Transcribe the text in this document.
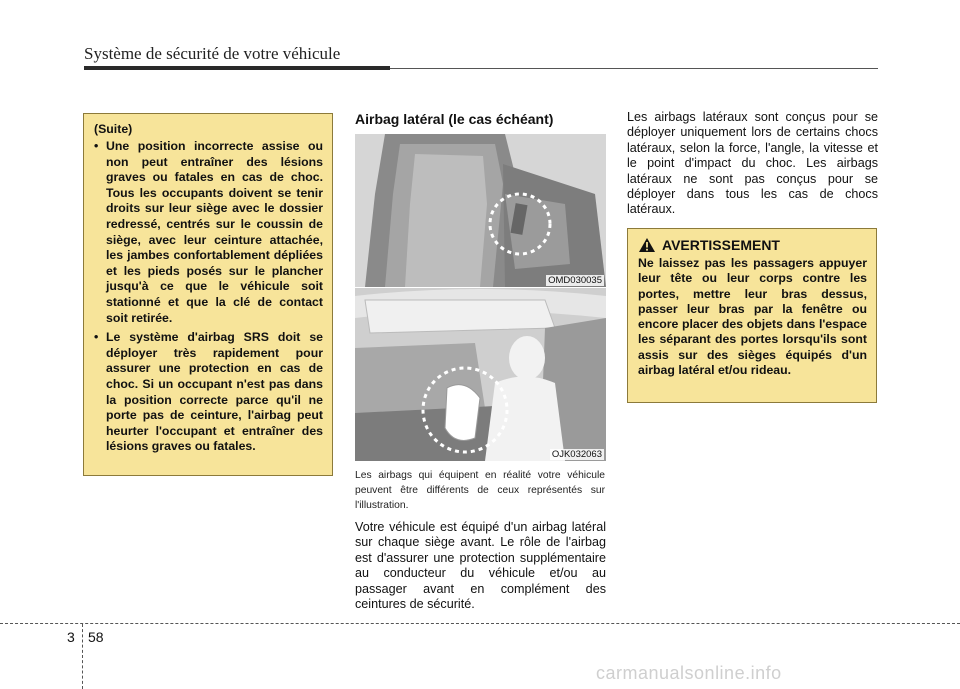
Système de sécurité de votre véhicule
(Suite)
• Une position incorrecte assise ou non peut entraîner des lésions graves ou fatales en cas de choc. Tous les occupants doivent se tenir droits sur leur siège avec le dossier redressé, centrés sur le coussin de siège, avec leur ceinture attachée, les jambes confortablement dépliées et les pieds posés sur le plancher jusqu'à ce que le véhicule soit stationné et que la clé de contact soit retirée.
• Le système d'airbag SRS doit se déployer très rapidement pour assurer une protection en cas de choc. Si un occupant n'est pas dans la position correcte parce qu'il ne porte pas de ceinture, l'airbag peut heurter l'occupant et entraîner des lésions graves ou fatales.
Airbag latéral (le cas échéant)
OMD030035
OJK032063
Les airbags qui équipent en réalité votre véhicule peuvent être différents de ceux représentés sur l'illustration.
Votre véhicule est équipé d'un airbag latéral sur chaque siège avant. Le rôle de l'airbag est d'assurer une protection supplémentaire au conducteur du véhicule et/ou au passager avant en complément des ceintures de sécurité.
Les airbags latéraux sont conçus pour se déployer uniquement lors de certains chocs latéraux, selon la force, l'angle, la vitesse et le point d'impact du choc. Les airbags latéraux ne sont pas conçus pour se déployer dans tous les cas de chocs latéraux.
AVERTISSEMENT
Ne laissez pas les passagers appuyer leur tête ou leur corps contre les portes, mettre leur bras dessus, passer leur bras par la fenêtre ou encore placer des objets dans l'espace les séparant des portes lorsqu'ils sont assis sur des sièges équipés d'un airbag latéral et/ou rideau.
3 58
carmanualsonline.info
